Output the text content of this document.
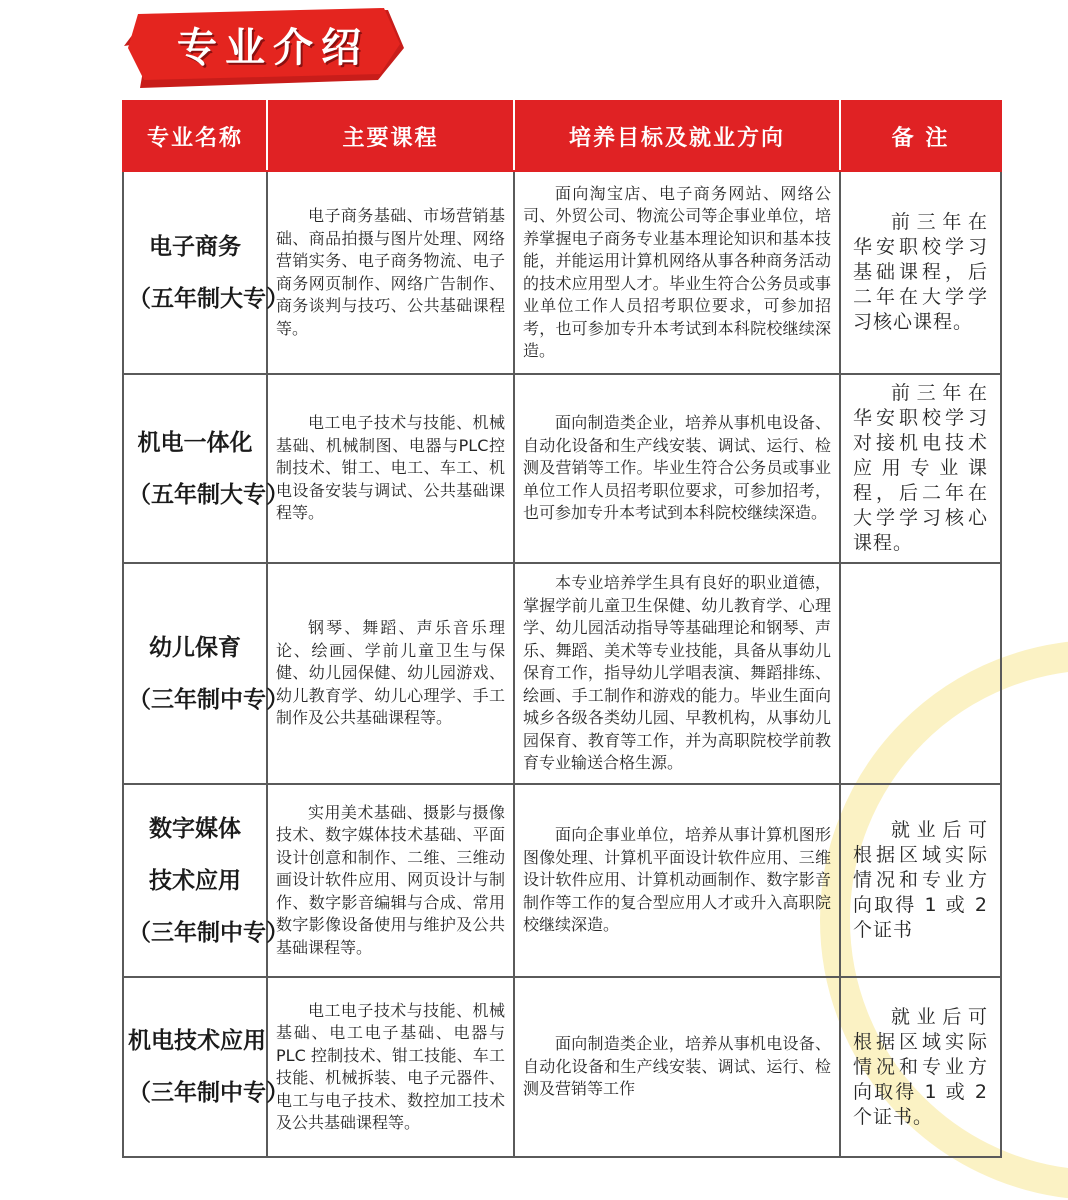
专业介绍
专业名称	主要课程	培养目标及就业方向	备 注

电子商务
（五年制大专）	电子商务基础、市场营销基础、商品拍摄与图片处理、网络营销实务、电子商务物流、电子商务网页制作、网络广告制作、商务谈判与技巧、公共基础课程等。	面向淘宝店、电子商务网站、网络公司、外贸公司、物流公司等企事业单位，培养掌握电子商务专业基本理论知识和基本技能，并能运用计算机网络从事各种商务活动的技术应用型人才。毕业生符合公务员或事业单位工作人员招考职位要求，可参加招考，也可参加专升本考试到本科院校继续深造。	前三年在华安职校学习基础课程，后二年在大学学习核心课程。

机电一体化
（五年制大专）	电工电子技术与技能、机械基础、机械制图、电器与PLC控制技术、钳工、电工、车工、机电设备安装与调试、公共基础课程等。	面向制造类企业，培养从事机电设备、自动化设备和生产线安装、调试、运行、检测及营销等工作。毕业生符合公务员或事业单位工作人员招考职位要求，可参加招考，也可参加专升本考试到本科院校继续深造。	前三年在华安职校学习对接机电技术应用专业课程，后二年在大学学习核心课程。

幼儿保育
（三年制中专）	钢琴、舞蹈、声乐音乐理论、绘画、学前儿童卫生与保健、幼儿园保健、幼儿园游戏、幼儿教育学、幼儿心理学、手工制作及公共基础课程等。	本专业培养学生具有良好的职业道德，掌握学前儿童卫生保健、幼儿教育学、心理学、幼儿园活动指导等基础理论和钢琴、声乐、舞蹈、美术等专业技能，具备从事幼儿保育工作，指导幼儿学唱表演、舞蹈排练、绘画、手工制作和游戏的能力。毕业生面向城乡各级各类幼儿园、早教机构，从事幼儿园保育、教育等工作，并为高职院校学前教育专业输送合格生源。	

数字媒体
技术应用
（三年制中专）	实用美术基础、摄影与摄像技术、数字媒体技术基础、平面设计创意和制作、二维、三维动画设计软件应用、网页设计与制作、数字影音编辑与合成、常用数字影像设备使用与维护及公共基础课程等。	面向企事业单位，培养从事计算机图形图像处理、计算机平面设计软件应用、三维设计软件应用、计算机动画制作、数字影音制作等工作的复合型应用人才或升入高职院校继续深造。	就业后可根据区域实际情况和专业方向取得 1 或 2 个证书

机电技术应用
（三年制中专）	电工电子技术与技能、机械基础、电工电子基础、电器与 PLC 控制技术、钳工技能、车工技能、机械拆装、电子元器件、电工与电子技术、数控加工技术及公共基础课程等。	面向制造类企业，培养从事机电设备、自动化设备和生产线安装、调试、运行、检测及营销等工作	就业后可根据区域实际情况和专业方向取得 1 或 2 个证书。
